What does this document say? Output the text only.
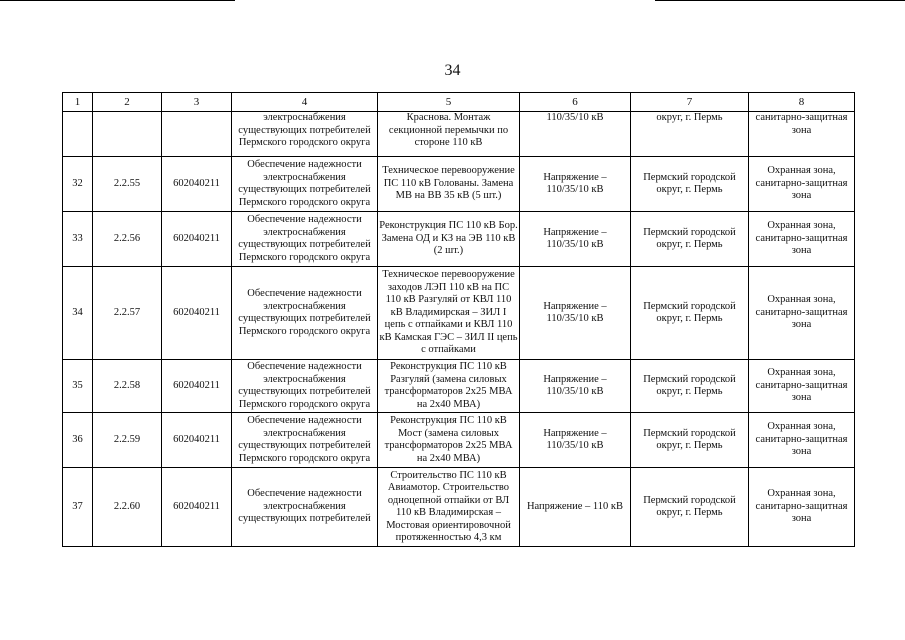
34
1	2	3	4	5	6	7	8
			электроснабжения существующих потребителей Пермского городского округа	Краснова. Монтаж секционной перемычки по стороне 110 кВ	110/35/10 кВ	округ, г. Пермь	санитарно-защитная зона
32	2.2.55	602040211	Обеспечение надежности электроснабжения существующих потребителей Пермского городского округа	Техническое перевооружение ПС 110 кВ Голованы. Замена МВ на ВВ 35 кВ (5 шт.)	Напряжение – 110/35/10 кВ	Пермский городской округ, г. Пермь	Охранная зона, санитарно-защитная зона
33	2.2.56	602040211	Обеспечение надежности электроснабжения существующих потребителей Пермского городского округа	Реконструкция ПС 110 кВ Бор. Замена ОД и КЗ на ЭВ 110 кВ (2 шт.)	Напряжение – 110/35/10 кВ	Пермский городской округ, г. Пермь	Охранная зона, санитарно-защитная зона
34	2.2.57	602040211	Обеспечение надежности электроснабжения существующих потребителей Пермского городского округа	Техническое перевооружение заходов ЛЭП 110 кВ на ПС 110 кВ Разгуляй от КВЛ 110 кВ Владимирская – ЗИЛ I цепь с отпайками и КВЛ 110 кВ Камская ГЭС – ЗИЛ II цепь с отпайками	Напряжение – 110/35/10 кВ	Пермский городской округ, г. Пермь	Охранная зона, санитарно-защитная зона
35	2.2.58	602040211	Обеспечение надежности электроснабжения существующих потребителей Пермского городского округа	Реконструкция ПС 110 кВ Разгуляй (замена силовых трансформаторов 2х25 МВА на 2х40 МВА)	Напряжение – 110/35/10 кВ	Пермский городской округ, г. Пермь	Охранная зона, санитарно-защитная зона
36	2.2.59	602040211	Обеспечение надежности электроснабжения существующих потребителей Пермского городского округа	Реконструкция ПС 110 кВ Мост (замена силовых трансформаторов 2х25 МВА на 2х40 МВА)	Напряжение – 110/35/10 кВ	Пермский городской округ, г. Пермь	Охранная зона, санитарно-защитная зона
37	2.2.60	602040211	Обеспечение надежности электроснабжения существующих потребителей	Строительство ПС 110 кВ Авиамотор. Строительство одноцепной отпайки от ВЛ 110 кВ Владимирская – Мостовая ориентировочной протяженностью 4,3 км	Напряжение – 110 кВ	Пермский городской округ, г. Пермь	Охранная зона, санитарно-защитная зона
